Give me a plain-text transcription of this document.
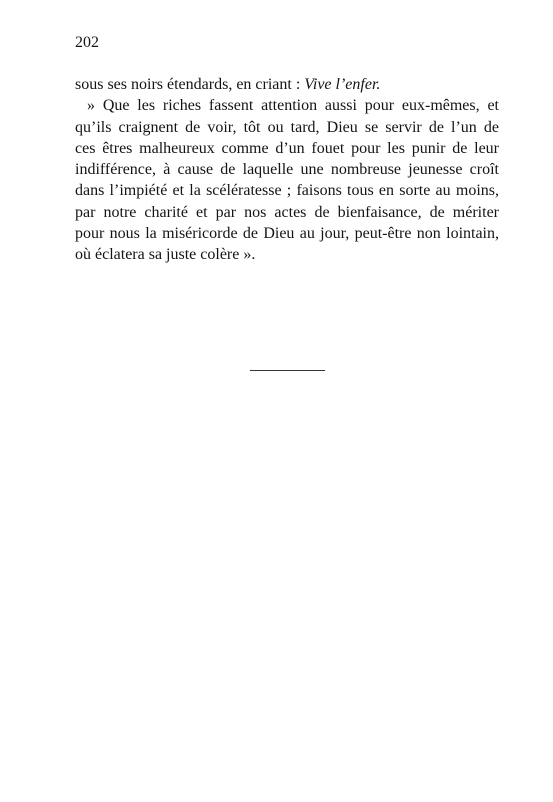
202
sous ses noirs étendards, en criant : Vive l’enfer.
» Que les riches fassent attention aussi pour eux-mêmes, et
qu’ils craignent de voir, tôt ou tard, Dieu se servir de l’un de
ces êtres malheureux comme d’un fouet pour les punir de leur
indifférence, à cause de laquelle une nombreuse jeunesse croît
dans l’impiété et la scélératesse ; faisons tous en sorte au moins,
par notre charité et par nos actes de bienfaisance, de mériter
pour nous la miséricorde de Dieu au jour, peut-être non lointain,
où éclatera sa juste colère ».
